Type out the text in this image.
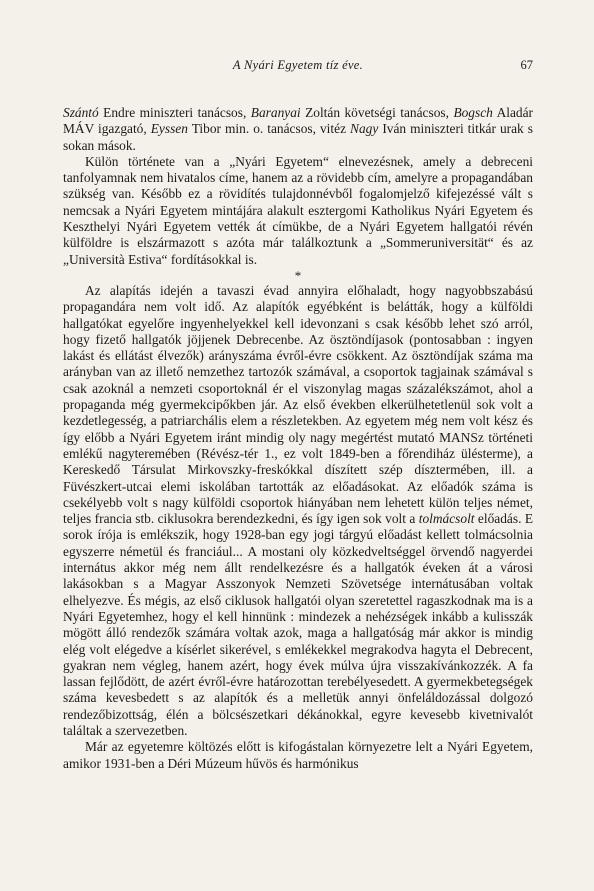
A Nyári Egyetem tíz éve.	67

Szántó Endre miniszteri tanácsos, Baranyai Zoltán követségi tanácsos, Bogsch Aladár MÁV igazgató, Eyssen Tibor min. o. tanácsos, vitéz Nagy Iván miniszteri titkár urak s sokan mások.

Külön története van a „Nyári Egyetem“ elnevezésnek, amely a debreceni tanfolyamnak nem hivatalos címe, hanem az a rövidebb cím, amelyre a propagandában szükség van. Később ez a rövidítés tulajdonnévből fogalomjelző kifejezéssé vált s nemcsak a Nyári Egyetem mintájára alakult esztergomi Katholikus Nyári Egyetem és Keszthelyi Nyári Egyetem vették át címükbe, de a Nyári Egyetem hallgatói révén külföldre is elszármazott s azóta már találkoztunk a „Sommeruniversität“ és az „Università Estiva“ fordításokkal is.

*

Az alapítás idején a tavaszi évad annyira előhaladt, hogy nagyobbszabású propagandára nem volt idő. Az alapítók egyébként is belátták, hogy a külföldi hallgatókat egyelőre ingyenhelyekkel kell idevonzani s csak később lehet szó arról, hogy fizető hallgatók jöjjenek Debrecenbe. Az ösztöndíjasok (pontosabban : ingyen lakást és ellátást élvezők) arányszáma évről-évre csökkent. Az ösztöndíjak száma ma arányban van az illető nemzethez tartozók számával, a csoportok tagjainak számával s csak azoknál a nemzeti csoportoknál ér el viszonylag magas százalékszámot, ahol a propaganda még gyermekcipőkben jár. Az első években elkerülhetetlenül sok volt a kezdetlegesség, a patriarchális elem a részletekben. Az egyetem még nem volt kész és így előbb a Nyári Egyetem iránt mindig oly nagy megértést mutató MANSz történeti emlékű nagyteremében (Révész-tér 1., ez volt 1849-ben a főrendiház ülésterme), a Kereskedő Társulat Mirkovszky-freskókkal díszített szép dísztermében, ill. a Füvészkert-utcai elemi iskolában tartották az előadásokat. Az előadók száma is csekélyebb volt s nagy külföldi csoportok hiányában nem lehetett külön teljes német, teljes francia stb. ciklusokra berendezkedni, és így igen sok volt a tolmácsolt előadás. E sorok írója is emlékszik, hogy 1928-ban egy jogi tárgyú előadást kellett tolmácsolnia egyszerre németül és franciául... A mostani oly közkedveltséggel örvendő nagyerdei internátus akkor még nem állt rendelkezésre és a hallgatók éveken át a városi lakásokban s a Magyar Asszonyok Nemzeti Szövetsége internátusában voltak elhelyezve. És mégis, az első ciklusok hallgatói olyan szeretettel ragaszkodnak ma is a Nyári Egyetemhez, hogy el kell hinnünk : mindezek a nehézségek inkább a kulisszák mögött álló rendezők számára voltak azok, maga a hallgatóság már akkor is mindig elég volt elégedve a kísérlet sikerével, s emlékekkel megrakodva hagyta el Debrecent, gyakran nem végleg, hanem azért, hogy évek múlva újra visszakívánkozzék. A fa lassan fejlődött, de azért évről-évre határozottan terebélyesedett. A gyermekbetegségek száma kevesbedett s az alapítók és a melletük annyi önfeláldozással dolgozó rendezőbizottság, élén a bölcsészetkari dékánokkal, egyre kevesebb kivetnivalót találtak a szervezetben.

Már az egyetemre költözés előtt is kifogástalan környezetre lelt a Nyári Egyetem, amikor 1931-ben a Déri Múzeum hűvös és harmónikus
